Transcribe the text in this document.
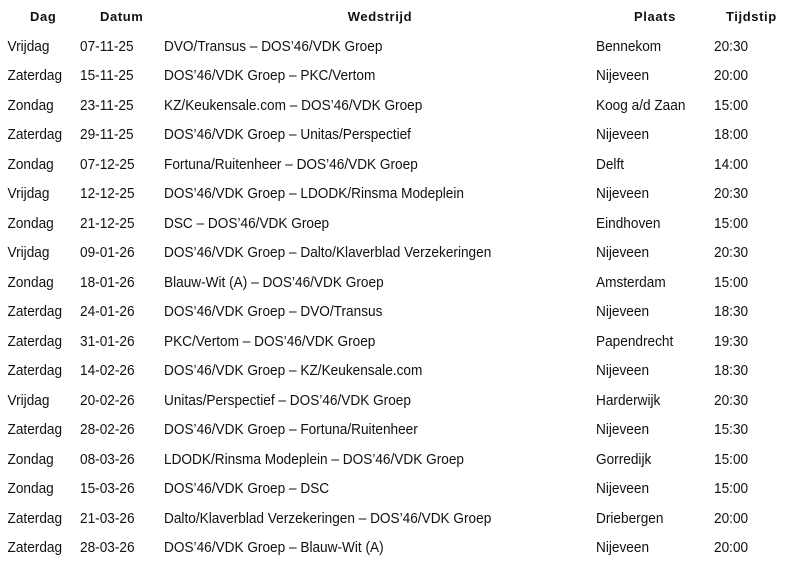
Dag	Datum	Wedstrijd	Plaats	Tijdstip
Vrijdag	07-11-25	DVO/Transus – DOS’46/VDK Groep	Bennekom	20:30
Zaterdag	15-11-25	DOS’46/VDK Groep – PKC/Vertom	Nijeveen	20:00
Zondag	23-11-25	KZ/Keukensale.com – DOS’46/VDK Groep	Koog a/d Zaan	15:00
Zaterdag	29-11-25	DOS’46/VDK Groep – Unitas/Perspectief	Nijeveen	18:00
Zondag	07-12-25	Fortuna/Ruitenheer – DOS’46/VDK Groep	Delft	14:00
Vrijdag	12-12-25	DOS’46/VDK Groep – LDODK/Rinsma Modeplein	Nijeveen	20:30
Zondag	21-12-25	DSC – DOS’46/VDK Groep	Eindhoven	15:00
Vrijdag	09-01-26	DOS’46/VDK Groep – Dalto/Klaverblad Verzekeringen	Nijeveen	20:30
Zondag	18-01-26	Blauw-Wit (A) – DOS’46/VDK Groep	Amsterdam	15:00
Zaterdag	24-01-26	DOS’46/VDK Groep – DVO/Transus	Nijeveen	18:30
Zaterdag	31-01-26	PKC/Vertom – DOS’46/VDK Groep	Papendrecht	19:30
Zaterdag	14-02-26	DOS’46/VDK Groep – KZ/Keukensale.com	Nijeveen	18:30
Vrijdag	20-02-26	Unitas/Perspectief – DOS’46/VDK Groep	Harderwijk	20:30
Zaterdag	28-02-26	DOS’46/VDK Groep – Fortuna/Ruitenheer	Nijeveen	15:30
Zondag	08-03-26	LDODK/Rinsma Modeplein – DOS’46/VDK Groep	Gorredijk	15:00
Zondag	15-03-26	DOS’46/VDK Groep – DSC	Nijeveen	15:00
Zaterdag	21-03-26	Dalto/Klaverblad Verzekeringen – DOS’46/VDK Groep	Driebergen	20:00
Zaterdag	28-03-26	DOS’46/VDK Groep – Blauw-Wit (A)	Nijeveen	20:00
